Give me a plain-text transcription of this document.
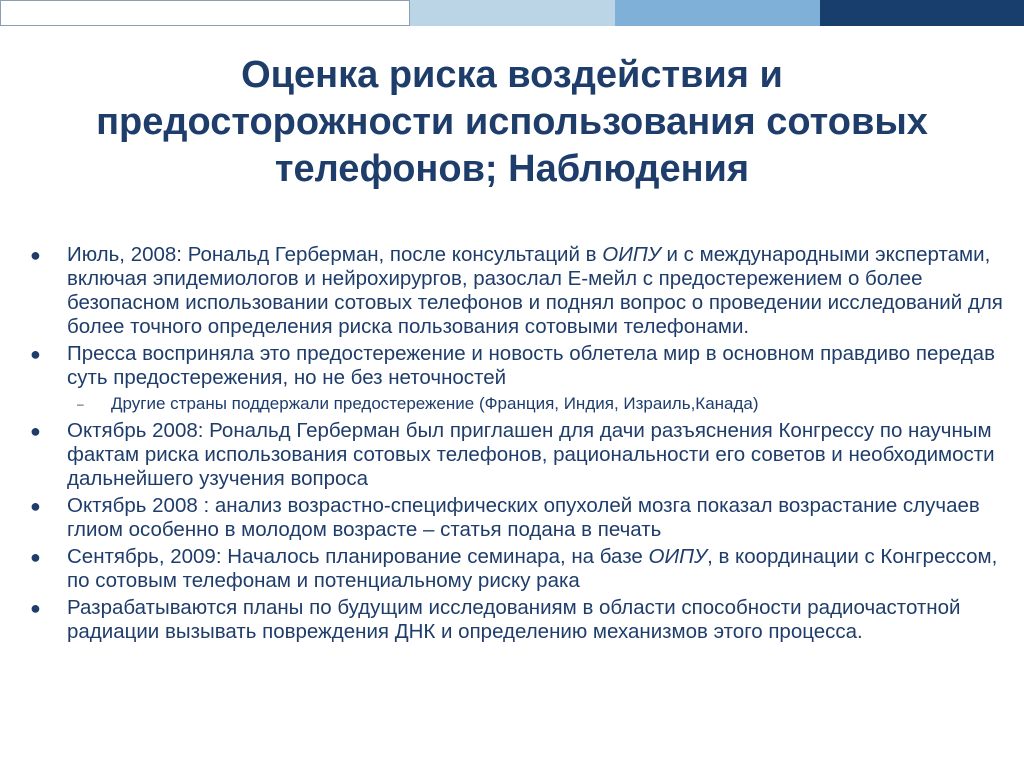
Оценка риска воздействия и
предосторожности использования сотовых
телефонов; Наблюдения
● Июль, 2008: Рональд Герберман, после консультаций в ОИПУ и с международными экспертами, включая эпидемиологов и нейрохирургов, разослал E-мейл с предостережением о более безопасном использовании сотовых телефонов и поднял вопрос о проведении исследований для более точного определения риска пользования сотовыми телефонами.
● Пресса восприняла это предостережение и новость облетела мир в основном правдиво передав суть предостережения, но не без неточностей
– Другие страны поддержали предостережение (Франция, Индия, Израиль,Канада)
● Октябрь 2008: Рональд Герберман был приглашен для дачи разъяснения Конгрессу по научным фактам риска использования сотовых телефонов, рациональности его советов и необходимости дальнейшего узучения вопроса
● Октябрь 2008 : анализ возрастно-специфических опухолей мозга показал возрастание случаев глиом особенно в молодом возрасте – статья подана в печать
● Сентябрь, 2009: Началось планирование семинара, на базе ОИПУ, в координации с Конгрессом, по сотовым телефонам и потенциальному риску рака
● Разрабатываются планы по будущим исследованиям в области способности радиочастотной радиации вызывать повреждения ДНК и определению механизмов этого процесса.
